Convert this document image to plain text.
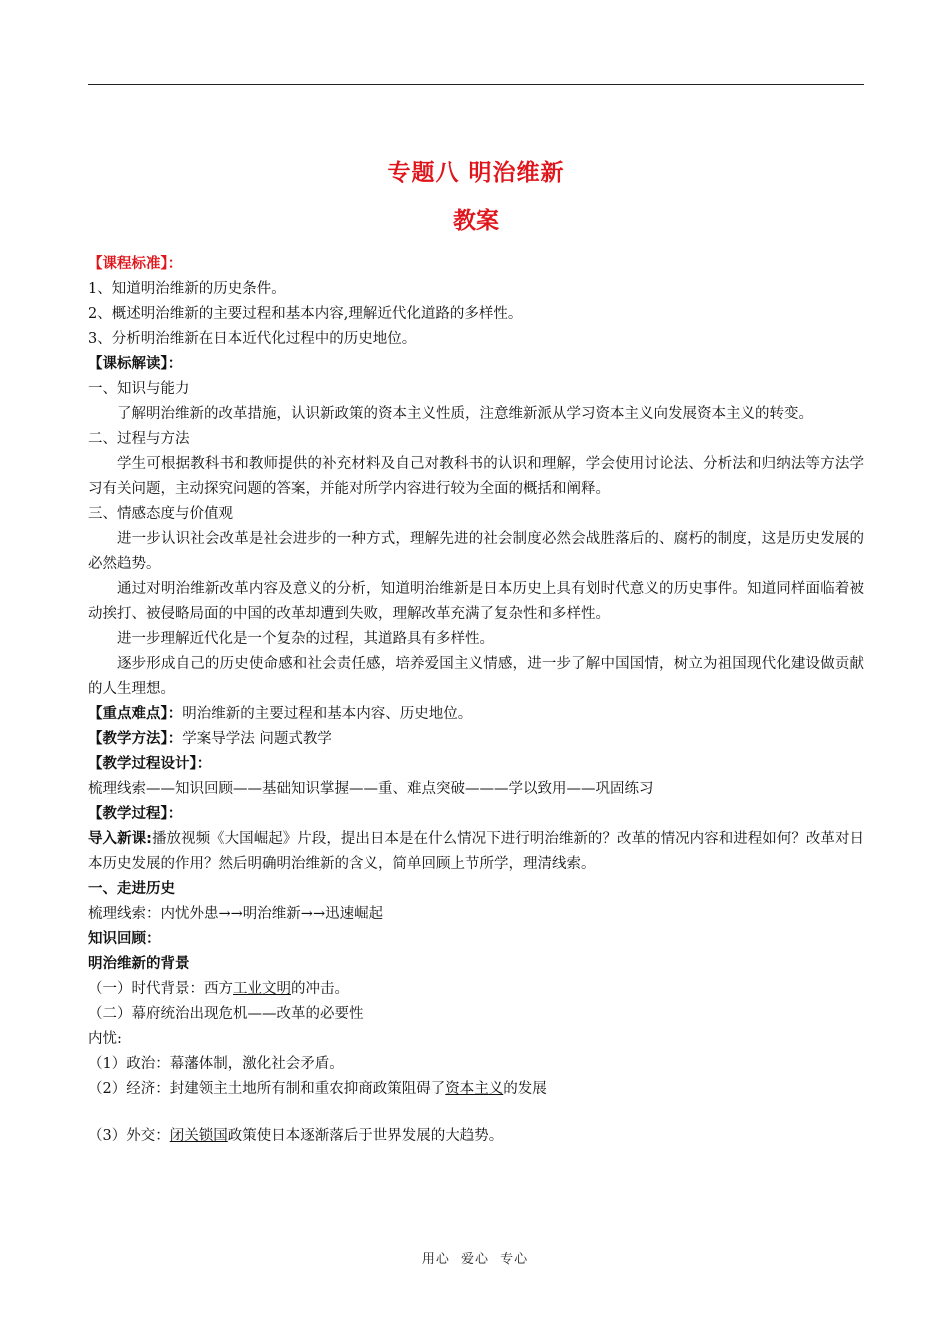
专题八 明治维新
教案
【课程标准】：
1、知道明治维新的历史条件。
2、概述明治维新的主要过程和基本内容,理解近代化道路的多样性。
3、分析明治维新在日本近代化过程中的历史地位。
【课标解读】：
一、知识与能力
了解明治维新的改革措施，认识新政策的资本主义性质，注意维新派从学习资本主义向发展资本主义的转变。
二、过程与方法
学生可根据教科书和教师提供的补充材料及自己对教科书的认识和理解，学会使用讨论法、分析法和归纳法等方法学习有关问题，主动探究问题的答案，并能对所学内容进行较为全面的概括和阐释。
三、情感态度与价值观
进一步认识社会改革是社会进步的一种方式，理解先进的社会制度必然会战胜落后的、腐朽的制度，这是历史发展的必然趋势。
通过对明治维新改革内容及意义的分析，知道明治维新是日本历史上具有划时代意义的历史事件。知道同样面临着被动挨打、被侵略局面的中国的改革却遭到失败，理解改革充满了复杂性和多样性。
进一步理解近代化是一个复杂的过程，其道路具有多样性。
逐步形成自己的历史使命感和社会责任感，培养爱国主义情感，进一步了解中国国情，树立为祖国现代化建设做贡献的人生理想。
【重点难点】：明治维新的主要过程和基本内容、历史地位。
【教学方法】：学案导学法 问题式教学
【教学过程设计】：
梳理线索——知识回顾——基础知识掌握——重、难点突破———学以致用——巩固练习
【教学过程】：
导入新课:播放视频《大国崛起》片段，提出日本是在什么情况下进行明治维新的？改革的情况内容和进程如何？改革对日本历史发展的作用？然后明确明治维新的含义，简单回顾上节所学，理清线索。
一、走进历史
梳理线索：内忧外患→→明治维新→→迅速崛起
知识回顾：
明治维新的背景
（一）时代背景：西方工业文明的冲击。
（二）幕府统治出现危机——改革的必要性
内忧:
（1）政治：幕藩体制，激化社会矛盾。
（2）经济：封建领主土地所有制和重农抑商政策阻碍了资本主义的发展
（3）外交：闭关锁国政策使日本逐渐落后于世界发展的大趋势。
用心 爱心 专心
